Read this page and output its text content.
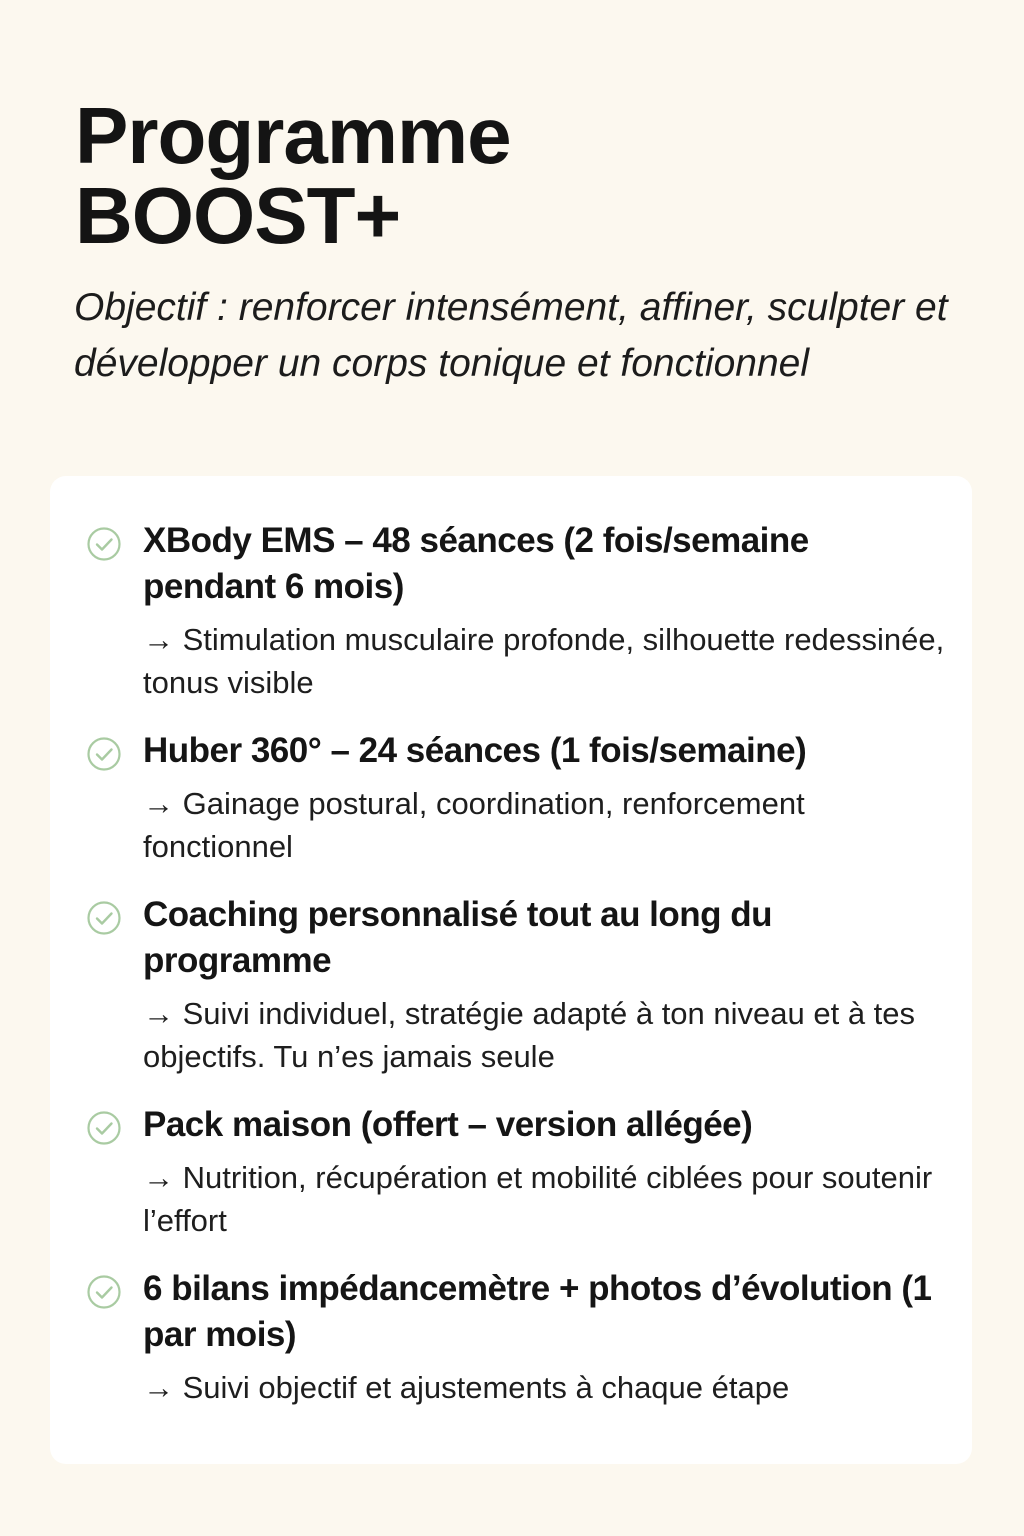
Programme
BOOST+

Objectif : renforcer intensément, affiner, sculpter et développer un corps tonique et fonctionnel

XBody EMS – 48 séances (2 fois/semaine pendant 6 mois)
→ Stimulation musculaire profonde, silhouette redessinée, tonus visible
Huber 360° – 24 séances (1 fois/semaine)
→ Gainage postural, coordination, renforcement fonctionnel
Coaching personnalisé tout au long du programme
→ Suivi individuel, stratégie adapté à ton niveau et à tes objectifs. Tu n’es jamais seule
Pack maison (offert – version allégée)
→ Nutrition, récupération et mobilité ciblées pour soutenir l’effort
6 bilans impédancemètre + photos d’évolution (1 par mois)
→ Suivi objectif et ajustements à chaque étape
